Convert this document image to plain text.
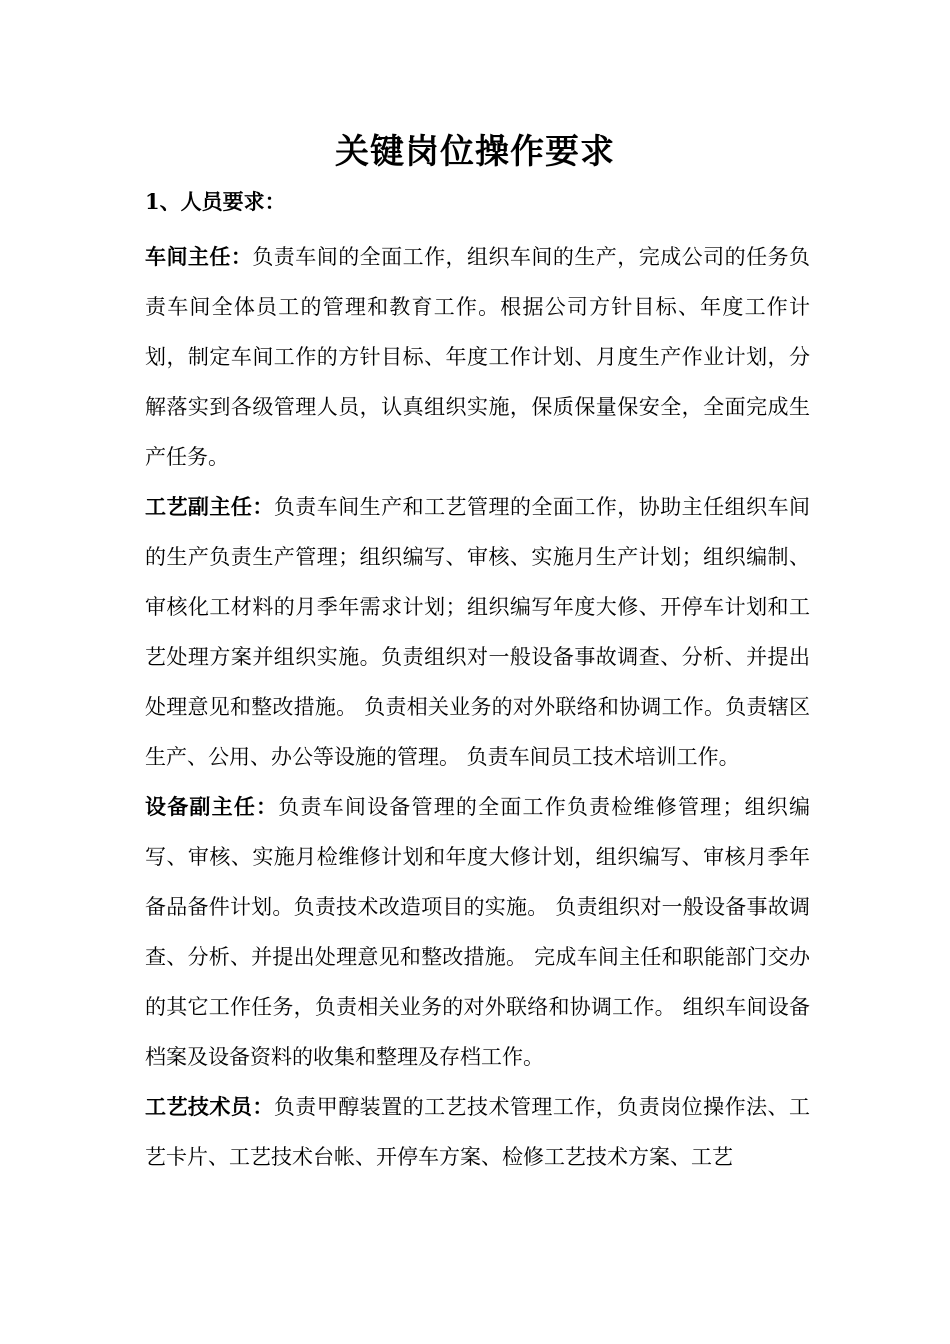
关键岗位操作要求
1、人员要求：

车间主任：负责车间的全面工作，组织车间的生产，完成公司的任务负责车间全体员工的管理和教育工作。根据公司方针目标、年度工作计划，制定车间工作的方针目标、年度工作计划、月度生产作业计划，分解落实到各级管理人员，认真组织实施，保质保量保安全，全面完成生产任务。

工艺副主任：负责车间生产和工艺管理的全面工作，协助主任组织车间的生产负责生产管理；组织编写、审核、实施月生产计划；组织编制、审核化工材料的月季年需求计划；组织编写年度大修、开停车计划和工艺处理方案并组织实施。负责组织对一般设备事故调查、分析、并提出处理意见和整改措施。 负责相关业务的对外联络和协调工作。负责辖区生产、公用、办公等设施的管理。 负责车间员工技术培训工作。

设备副主任：负责车间设备管理的全面工作负责检维修管理；组织编写、审核、实施月检维修计划和年度大修计划，组织编写、审核月季年备品备件计划。负责技术改造项目的实施。 负责组织对一般设备事故调查、分析、并提出处理意见和整改措施。 完成车间主任和职能部门交办的其它工作任务，负责相关业务的对外联络和协调工作。 组织车间设备档案及设备资料的收集和整理及存档工作。

工艺技术员：负责甲醇装置的工艺技术管理工作，负责岗位操作法、工艺卡片、工艺技术台帐、开停车方案、检修工艺技术方案、工艺
